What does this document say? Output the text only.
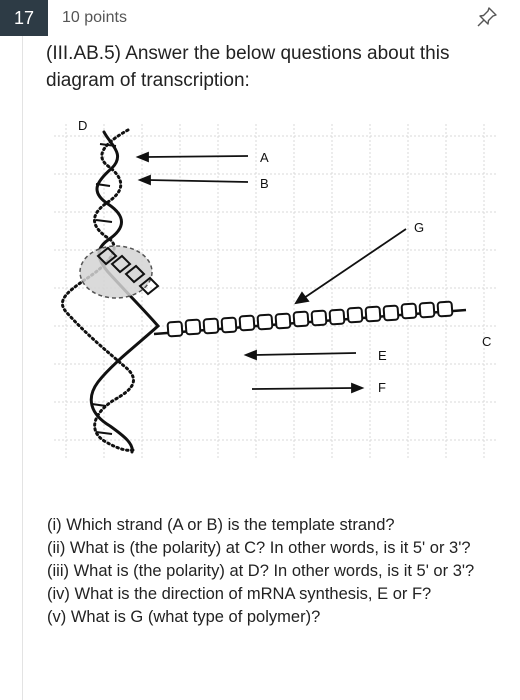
17	10 points
(III.AB.5) Answer the below questions about this diagram of transcription:
D
A
B
G
C
E
F
(i) Which strand (A or B) is the template strand?
(ii) What is (the polarity) at C? In other words, is it 5' or 3'?
(iii) What is (the polarity) at D? In other words, is it 5' or 3'?
(iv) What is the direction of mRNA synthesis, E or F?
(v) What is G (what type of polymer)?
